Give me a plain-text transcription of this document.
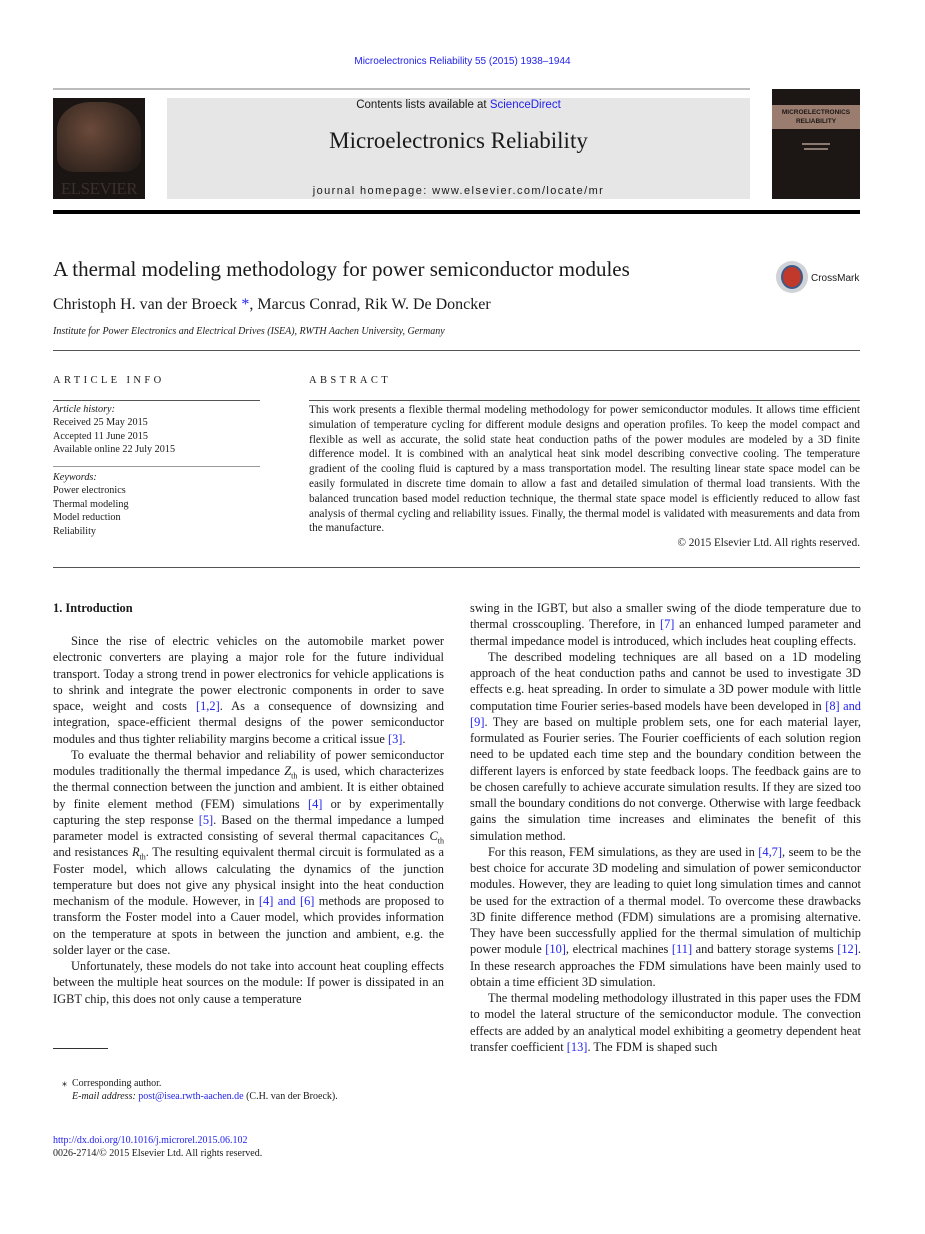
Microelectronics Reliability 55 (2015) 1938–1944
ELSEVIER
Contents lists available at ScienceDirect
Microelectronics Reliability
journal homepage: www.elsevier.com/locate/mr
MICROELECTRONICS
RELIABILITY
A thermal modeling methodology for power semiconductor modules	CrossMark
Christoph H. van der Broeck *, Marcus Conrad, Rik W. De Doncker
Institute for Power Electronics and Electrical Drives (ISEA), RWTH Aachen University, Germany
ARTICLE INFO
Article history:
Received 25 May 2015
Accepted 11 June 2015
Available online 22 July 2015
Keywords:
Power electronics
Thermal modeling
Model reduction
Reliability
ABSTRACT
This work presents a flexible thermal modeling methodology for power semiconductor modules. It allows time efficient simulation of temperature cycling for different module designs and operation profiles. To keep the model compact and flexible as well as accurate, the solid state heat conduction paths of the power modules are modeled by a 3D finite difference model. It is combined with an analytical heat sink model describing convective cooling. The temperature gradient of the cooling fluid is captured by a mass transportation model. The resulting linear state space model can be easily formulated in discrete time domain to allow a fast and detailed simulation of thermal load transients. With the balanced truncation based model reduction technique, the thermal state space model is efficiently reduced to allow fast analysis of thermal cycling and reliability issues. Finally, the thermal model is validated with measurements and data from the manufacture.
© 2015 Elsevier Ltd. All rights reserved.
1. Introduction

Since the rise of electric vehicles on the automobile market power electronic converters are playing a major role for the future individual transport. Today a strong trend in power electronics for vehicle applications is to shrink and integrate the power electronic components in order to save space, weight and costs [1,2]. As a consequence of downsizing and integration, space-efficient thermal designs of the power semiconductor modules and thus tighter reliability margins become a critical issue [3].

To evaluate the thermal behavior and reliability of power semiconductor modules traditionally the thermal impedance $Z_{th}$ is used, which characterizes the thermal connection between the junction and ambient. It is either obtained by finite element method (FEM) simulations [4] or by experimentally capturing the step response [5]. Based on the thermal impedance a lumped parameter model is extracted consisting of several thermal capacitances $C_{th}$ and resistances $R_{th}$. The resulting equivalent thermal circuit is formulated as a Foster model, which allows calculating the dynamics of the junction temperature but does not give any physical insight into the heat conduction mechanism of the module. However, in [4] and [6] methods are proposed to transform the Foster model into a Cauer model, which provides information on the temperature at spots in between the junction and ambient, e.g. the solder layer or the case.

Unfortunately, these models do not take into account heat coupling effects between the multiple heat sources on the module: If power is dissipated in an IGBT chip, this does not only cause a temperature

swing in the IGBT, but also a smaller swing of the diode temperature due to thermal crosscoupling. Therefore, in [7] an enhanced lumped parameter and thermal impedance model is introduced, which includes heat coupling effects.

The described modeling techniques are all based on a 1D modeling approach of the heat conduction paths and cannot be used to investigate 3D effects e.g. heat spreading. In order to simulate a 3D power module with little computation time Fourier series-based models have been developed in [8] and [9]. They are based on multiple problem sets, one for each material layer, formulated as Fourier series. The Fourier coefficients of each solution region need to be updated each time step and the boundary condition between the different layers is enforced by state feedback loops. The feedback gains are to be chosen carefully to achieve accurate simulation results. If they are sized too small the boundary conditions do not converge. Otherwise with large feedback gains the simulation time increases and eliminates the benefit of this simulation method.

For this reason, FEM simulations, as they are used in [4,7], seem to be the best choice for accurate 3D modeling and simulation of power semiconductor modules. However, they are leading to quiet long simulation times and cannot be used for the extraction of a thermal model. To overcome these drawbacks 3D finite difference method (FDM) simulations are a promising alternative. They have been successfully applied for the thermal simulation of multichip power module [10], electrical machines [11] and battery storage systems [12]. In these research approaches the FDM simulations have been mainly used to obtain a time efficient 3D simulation.

The thermal modeling methodology illustrated in this paper uses the FDM to model the lateral structure of the semiconductor module. The convection effects are added by an analytical model exhibiting a geometry dependent heat transfer coefficient [13]. The FDM is shaped such

⁎ Corresponding author.
E-mail address: post@isea.rwth-aachen.de (C.H. van der Broeck).
http://dx.doi.org/10.1016/j.microrel.2015.06.102
0026-2714/© 2015 Elsevier Ltd. All rights reserved.
